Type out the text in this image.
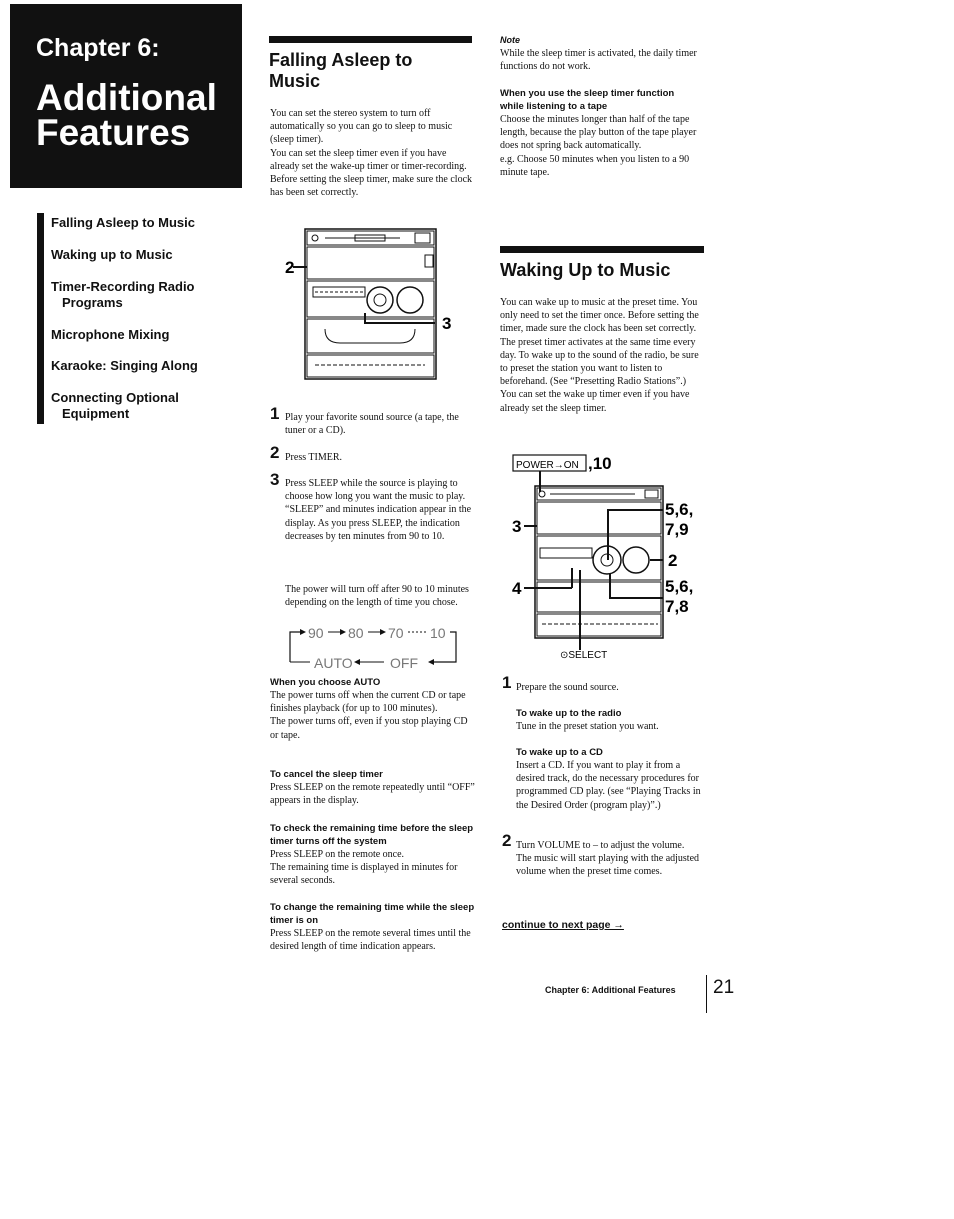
Chapter 6:
Additional
Features
Falling Asleep to Music
Waking up to Music
Timer-Recording Radio
Programs
Microphone Mixing
Karaoke: Singing Along
Connecting Optional
Equipment
Falling Asleep to
Music

You can set the stereo system to turn off automatically so you can go to sleep to music (sleep timer).

You can set the sleep timer even if you have already set the wake-up timer or timer-recording.

Before setting the sleep timer, make sure the clock has been set correctly.

2
3
1 Play your favorite sound source (a tape, the tuner or a CD).
2 Press TIMER.
3 Press SLEEP while the source is playing to choose how long you want the music to play.

“SLEEP” and minutes indication appear in the display. As you press SLEEP, the indication decreases by ten minutes from 90 to 10.

The power will turn off after 90 to 10 minutes depending on the length of time you chose.
90 80 70 10
OFF
AUTO
When you choose AUTO

The power turns off when the current CD or tape finishes playback (for up to 100 minutes).

The power turns off, even if you stop playing CD or tape.

To cancel the sleep timer
Press SLEEP on the remote repeatedly until “OFF” appears in the display.
To check the remaining time before the sleep timer turns off the system

Press SLEEP on the remote once.

The remaining time is displayed in minutes for several seconds.

To change the remaining time while the sleep timer is on
Press SLEEP on the remote several times until the desired length of time indication appears.
Note
While the sleep timer is activated, the daily timer functions do not work.
When you use the sleep timer function while listening to a tape

Choose the minutes longer than half of the tape length, because the play button of the tape player does not spring back automatically.

e.g. Choose 50 minutes when you listen to a 90 minute tape.

Waking Up to Music

You can wake up to music at the preset time. You only need to set the timer once. Before setting the timer, made sure the clock has been set correctly. The preset timer activates at the same time every day. To wake up to the sound of the radio, be sure to preset the station you want to listen to beforehand. (See “Presetting Radio Stations”.)

You can set the wake up timer even if you have already set the sleep timer.

POWER→ON ,10
3
4
5,6,
7,9
2
5,6,
7,8
⊙SELECT
1 Prepare the sound source.
To wake up to the radio
Tune in the preset station you want.
To wake up to a CD
Insert a CD. If you want to play it from a desired track, do the necessary procedures for programmed CD play. (see “Playing Tracks in the Desired Order (program play)”.)
2 Turn VOLUME to – to adjust the volume.

The music will start playing with the adjusted volume when the preset time comes.

continue to next page →
Chapter 6: Additional Features 21
